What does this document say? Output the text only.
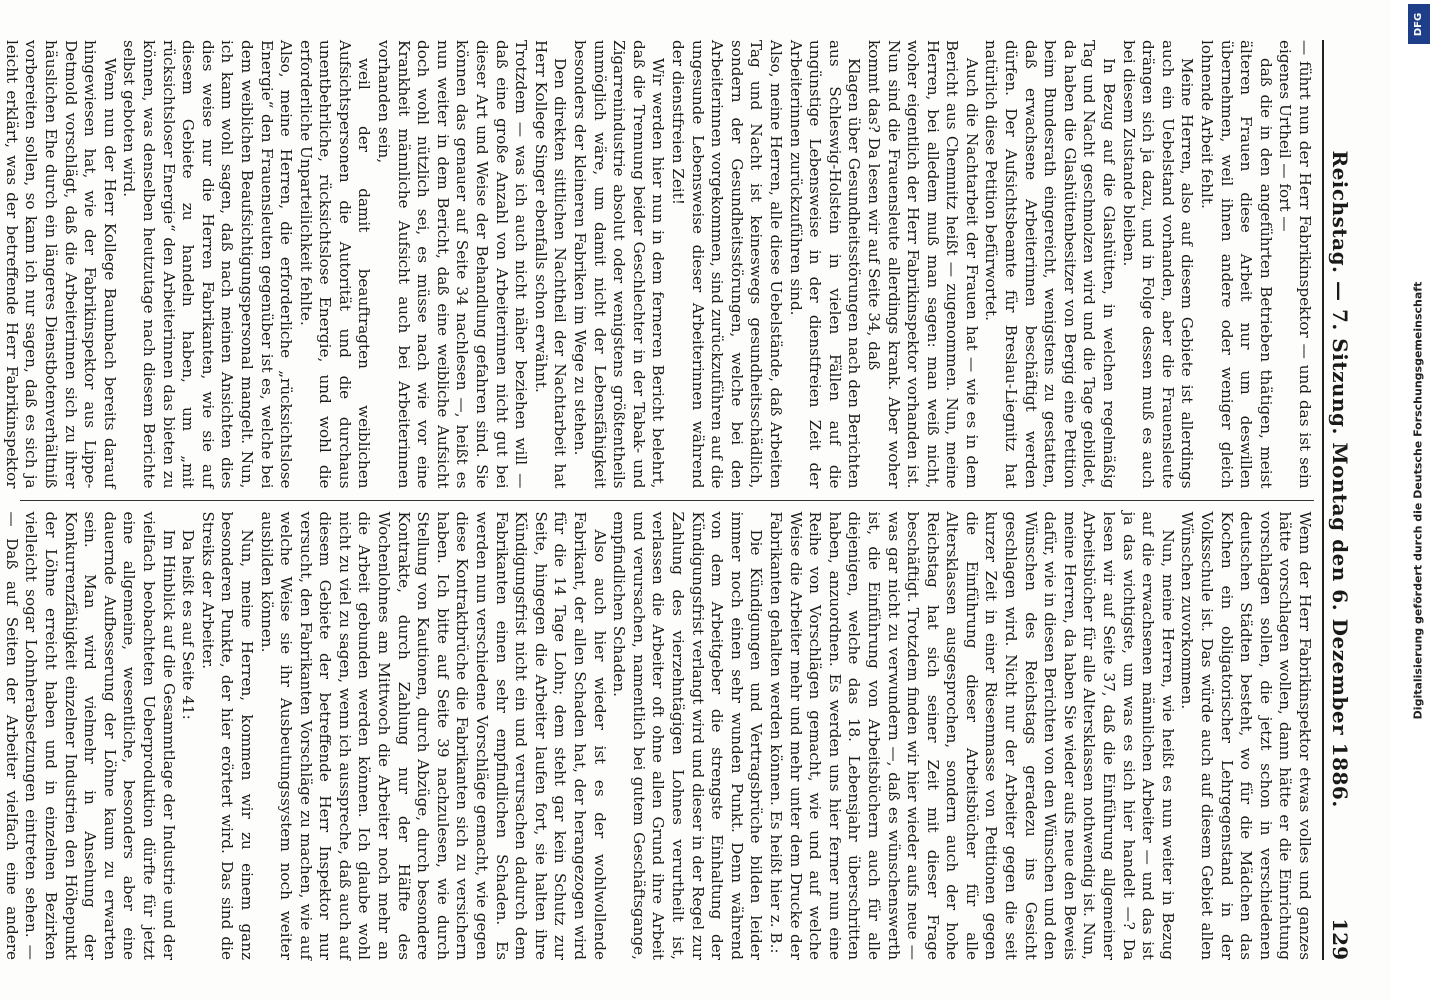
Reichstag. — 7. Sitzung. Montag den 6. Dezember 1886.
129

— führt nun der Herr Fabrikinspektor — und das ist sein eigenes Urtheil — fort —

daß die in den angeführten Betrieben thätigen, meist älteren Frauen diese Arbeit nur um deswillen übernehmen, weil ihnen andere oder weniger gleich lohnende Arbeit fehlt.

Meine Herren, also auf diesem Gebiete ist allerdings auch ein Uebelstand vorhanden, aber die Frauensleute drängen sich ja dazu, und in Folge dessen muß es auch bei diesem Zustande bleiben.

In Bezug auf die Glashütten, in welchen regelmäßig Tag und Nacht geschmolzen wird und die Tage gebildet, da haben die Glashüttenbesitzer von Bergig eine Petition beim Bundesrath eingereicht, wenigstens zu gestatten, daß erwachsene Arbeiterinnen beschäftigt werden dürfen. Der Aufsichtsbeamte für Breslau-Liegnitz hat natürlich diese Petition befürwortet.

Auch die Nachtarbeit der Frauen hat — wie es in dem Bericht aus Chemnitz heißt — zugenommen. Nun, meine Herren, bei alledem muß man sagen: man weiß nicht, woher eigentlich der Herr Fabrikinspektor vorhanden ist. Nun sind die Frauensleute allerdings krank. Aber woher kommt das? Da lesen wir auf Seite 34, daß

Klagen über Gesundheitsstörungen nach den Berichten aus Schleswig-Holstein in vielen Fällen auf die ungünstige Lebensweise in der dienstfreien Zeit der Arbeiterinnen zurückzuführen sind.

Also, meine Herren, alle diese Uebelstände, daß Arbeiten Tag und Nacht ist keineswegs gesundheitsschädlich, sondern der Gesundheitsstörungen, welche bei den Arbeiterinnen vorgekommen, sind zurückzuführen auf die ungesunde Lebensweise dieser Arbeiterinnen während der dienstfreien Zeit!

Wir werden hier nun in dem ferneren Bericht belehrt, daß die Trennung beider Geschlechter in der Tabak- und Zigarrenindustrie absolut oder wenigstens größtentheils unmöglich wäre, um damit nicht der Lebensfähigkeit besonders der kleineren Fabriken im Wege zu stehen.

Den direkten sittlichen Nachtheil der Nachtarbeit hat Herr Kollege Singer ebenfalls schon erwähnt.

Trotzdem — was ich auch nicht näher beziehen will — daß eine große Anzahl von Arbeiterinnen nicht gut bei dieser Art und Weise der Behandlung gefahren sind. Sie können das genauer auf Seite 34 nachlesen —, heißt es nun weiter in dem Bericht, daß eine weibliche Aufsicht doch wohl nützlich sei, es müsse nach wie vor eine Krankheit männliche Aufsicht auch bei Arbeiterinnen vorhanden sein,

weil der damit beauftragten weiblichen Aufsichtspersonen die Autorität und die durchaus unentbehrliche, rücksichtslose Energie, und wohl die erforderliche Unparteilichkeit fehlte.

Also, meine Herren, die erforderliche „rücksichtslose Energie“ den Frauensleuten gegenüber ist es, welche bei dem weiblichen Beaufsichtigungspersonal mangelt. Nun, ich kann wohl sagen, daß nach meinen Ansichten dies dies weise nur die Herren Fabrikanten, wie sie auf diesem Gebiete zu handeln haben, um „mit rücksichtsloser Energie“ den Arbeiterinnen das bieten zu können, was denselben heutzutage nach diesem Berichte selbst geboten wird.

Wenn nun der Herr Kollege Baumbach bereits darauf hingewiesen hat, wie der Fabrikinspektor aus Lippe-Detmold vorschlägt, daß die Arbeiterinnen sich zu ihrer häuslichen Ehe durch ein längeres Dienstbotenverhältniß vorbereiten sollen, so kann ich nur sagen, daß es sich ja leicht erklärt, was der betreffende Herr Fabrikinspektor

Wenn der Herr Fabrikinspektor etwas volles und ganzes hätte vorschlagen wollen, dann hätte er die Einrichtung vorschlagen sollen, die jetzt schon in verschiedenen deutschen Städten besteht, wo für die Mädchen das Kochen ein obligatorischer Lehrgegenstand in der Volksschule ist. Das würde auch auf diesem Gebiet allen Wünschen zuvorkommen.

Nun, meine Herren, wie heißt es nun weiter in Bezug auf die erwachsenen männlichen Arbeiter — und das ist ja das wichtigste, um was es sich hier handelt —? Da lesen wir auf Seite 37, daß die Einführung allgemeiner Arbeitsbücher für alle Altersklassen nothwendig ist. Nun, meine Herren, da haben Sie wieder aufs neue den Beweis dafür, wie in diesen Berichten von den Wünschen und den Wünschen des Reichstags geradezu ins Gesicht geschlagen wird. Nicht nur der Arbeiter gegen die seit kurzer Zeit in einer Riesenmasse von Petitionen gegen die Einführung dieser Arbeitsbücher für alle Altersklassen ausgesprochen, sondern auch der hohe Reichstag hat sich seiner Zeit mit dieser Frage beschäftigt. Trotzdem finden wir hier wieder aufs neue — was gar nicht zu verwundern —, daß es wünschenswerth ist, die Einführung von Arbeitsbüchern auch für alle diejenigen, welche das 18. Lebensjahr überschritten haben, anzuordnen. Es werden uns hier ferner nun eine Reihe von Vorschlägen gemacht, wie und auf welche Weise die Arbeiter mehr und mehr unter dem Drucke der Fabrikanten gehalten werden können. Es heißt hier z. B.:

Die Kündigungen und Vertragsbrüche bilden leider immer noch einen sehr wunden Punkt. Denn während von dem Arbeitgeber die strengste Einhaltung der Kündigungsfrist verlangt wird und dieser in der Regel zur Zahlung des vierzehntägigen Lohnes verurtheilt ist, verlassen die Arbeiter oft ohne allen Grund ihre Arbeit und verursachen, namentlich bei gutem Geschäftsgange, empfindlichen Schaden.

Also auch hier wieder ist es der wohlwollende Fabrikant, der allen Schaden hat, der herangezogen wird für die 14 Tage Lohn; dem steht gar kein Schutz zur Seite, hingegen die Arbeiter laufen fort, sie halten ihre Kündigungsfrist nicht ein und verursachen dadurch dem Fabrikanten einen sehr empfindlichen Schaden. Es werden nun verschiedene Vorschläge gemacht, wie gegen diese Kontraktbrüche die Fabrikanten sich zu versichern haben. Ich bitte auf Seite 39 nachzulesen, wie durch Stellung von Kautionen, durch Abzüge, durch besondere Kontrakte, durch Zahlung nur der Hälfte des Wochenlohnes am Mittwoch die Arbeiter noch mehr an die Arbeit gebunden werden können. Ich glaube wohl nicht zu viel zu sagen, wenn ich ausspreche, daß auch auf diesem Gebiete der betreffende Herr Inspektor nur versucht, den Fabrikanten Vorschläge zu machen, wie auf welche Weise sie ihr Ausbeutungssystem noch weiter ausbilden können.

Nun, meine Herren, kommen wir zu einem ganz besonderen Punkte, der hier erörtert wird. Das sind die Streiks der Arbeiter.

Da heißt es auf Seite 41:

Im Hinblick auf die Gesammtlage der Industrie und der vielfach beobachteten Ueberproduktion dürfte für jetzt eine allgemeine, wesentliche, besonders aber eine dauernde Aufbesserung der Löhne kaum zu erwarten sein. Man wird vielmehr in Ansehung der Konkurrenzfähigkeit einzelner Industrien den Höhepunkt der Löhne erreicht haben und in einzelnen Bezirken vielleicht sogar Lohnherabsetzungen eintreten sehen. — — Daß auf Seiten der Arbeiter vielfach eine andere

DFG
Digitalisierung gefördert durch die Deutsche Forschungsgemeinschaft
